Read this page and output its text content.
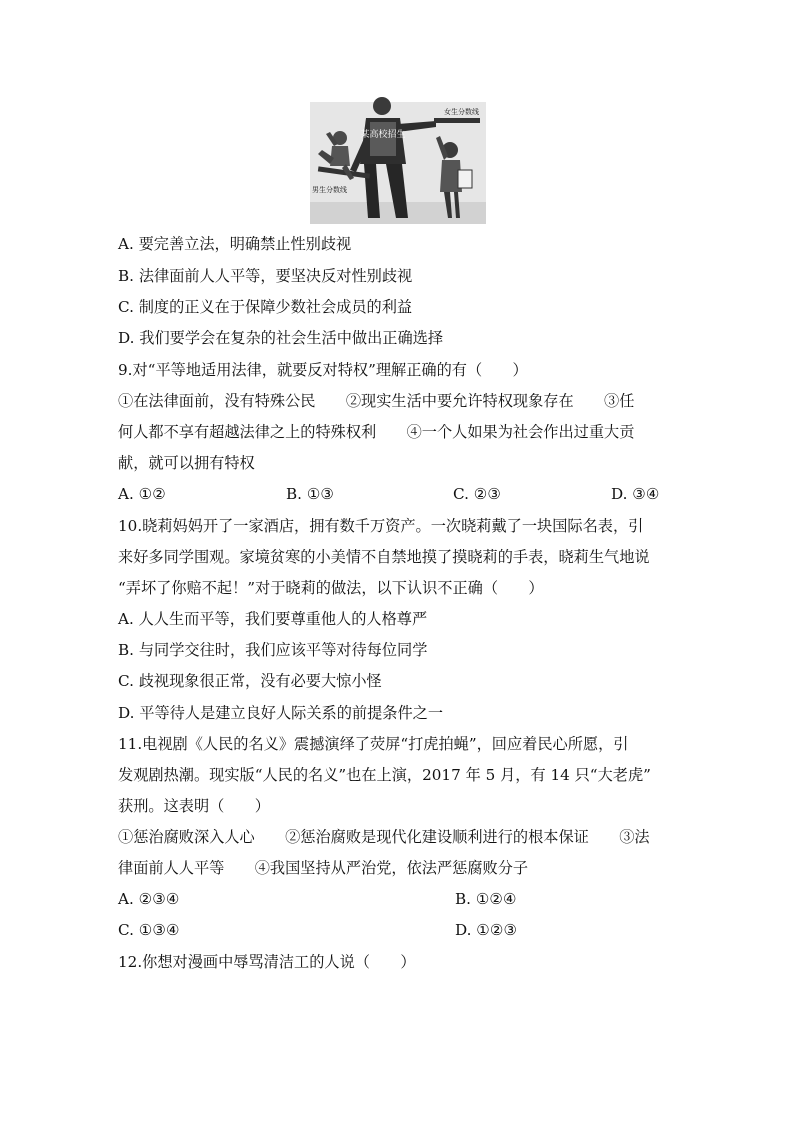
某高校招生
女生分数线
男生分数线
A. 要完善立法，明确禁止性别歧视
B. 法律面前人人平等，要坚决反对性别歧视
C. 制度的正义在于保障少数社会成员的利益
D. 我们要学会在复杂的社会生活中做出正确选择
9.对“平等地适用法律，就要反对特权”理解正确的有（　　）
①在法律面前，没有特殊公民　　②现实生活中要允许特权现象存在　　③任
何人都不享有超越法律之上的特殊权利　　④一个人如果为社会作出过重大贡
献，就可以拥有特权
A. ①②	B. ①③	C. ②③	D. ③④
10.晓莉妈妈开了一家酒店，拥有数千万资产。一次晓莉戴了一块国际名表，引
来好多同学围观。家境贫寒的小美情不自禁地摸了摸晓莉的手表，晓莉生气地说
“弄坏了你赔不起！”对于晓莉的做法，以下认识不正确（　　）
A. 人人生而平等，我们要尊重他人的人格尊严
B. 与同学交往时，我们应该平等对待每位同学
C. 歧视现象很正常，没有必要大惊小怪
D. 平等待人是建立良好人际关系的前提条件之一
11.电视剧《人民的名义》震撼演绎了荧屏“打虎拍蝇”，回应着民心所愿，引
发观剧热潮。现实版“人民的名义”也在上演，2017 年 5 月，有 14 只“大老虎”
获刑。这表明（　　）
①惩治腐败深入人心　　②惩治腐败是现代化建设顺利进行的根本保证　　③法
律面前人人平等　　④我国坚持从严治党，依法严惩腐败分子
A. ②③④	B. ①②④
C. ①③④	D. ①②③
12.你想对漫画中辱骂清洁工的人说（　　）
